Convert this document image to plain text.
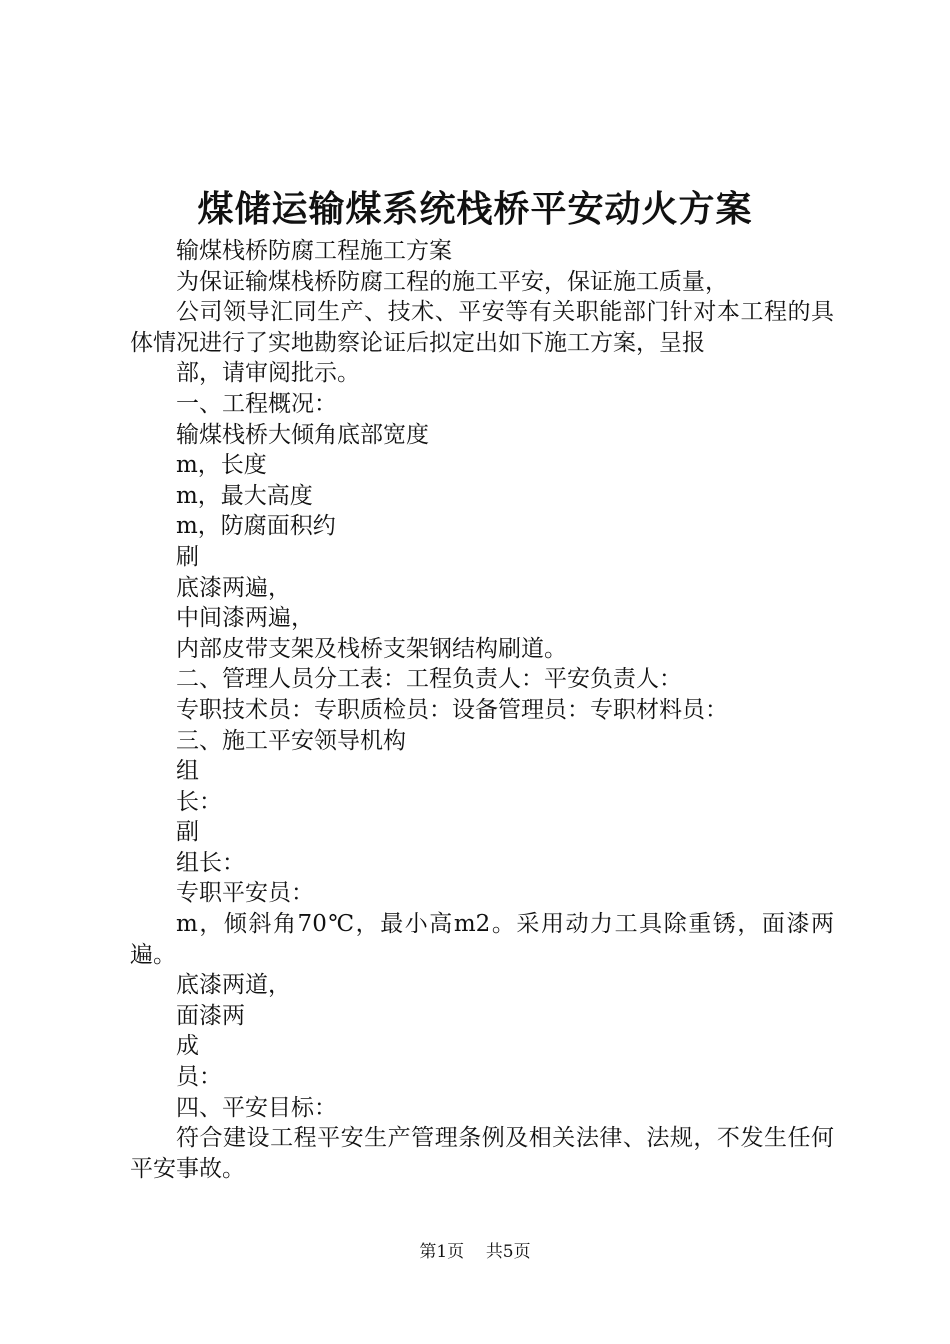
煤储运输煤系统栈桥平安动火方案

输煤栈桥防腐工程施工方案

为保证输煤栈桥防腐工程的施工平安，保证施工质量，

公司领导汇同生产、技术、平安等有关职能部门针对本工程的具体情况进行了实地勘察论证后拟定出如下施工方案，呈报

部，请审阅批示。

一、工程概况：

输煤栈桥大倾角底部宽度

m，长度

m，最大高度

m，防腐面积约

刷

底漆两遍，

中间漆两遍，

内部皮带支架及栈桥支架钢结构刷道。

二、管理人员分工表：工程负责人：平安负责人：

专职技术员：专职质检员：设备管理员：专职材料员：

三、施工平安领导机构

组

长：

副

组长：

专职平安员：

m，倾斜角70℃，最小高m2。采用动力工具除重锈，面漆两遍。

底漆两道，

面漆两

成

员：

四、平安目标：

符合建设工程平安生产管理条例及相关法律、法规，不发生任何平安事故。

第1页 共5页
